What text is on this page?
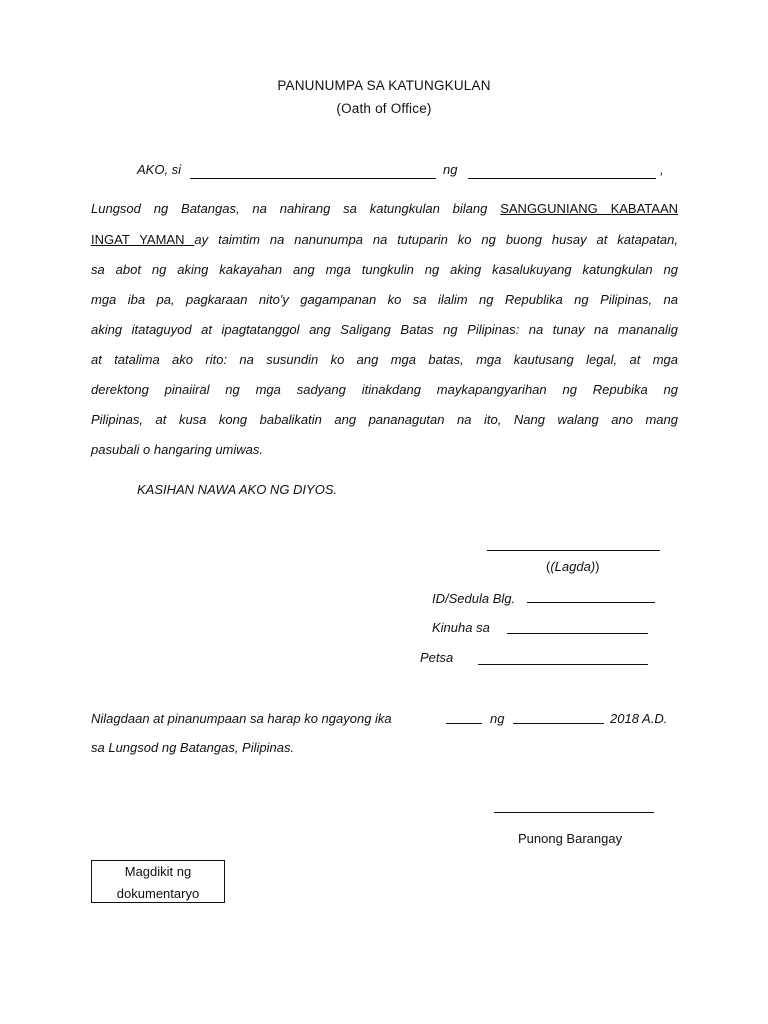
PANUNUMPA SA KATUNGKULAN
(Oath of Office)
AKO, si	ng	,
Lungsod ng Batangas, na nahirang sa katungkulan bilang SANGGUNIANG KABATAAN
INGAT YAMAN ay taimtim na nanunumpa na tutuparin ko ng buong husay at katapatan,
sa abot ng aking kakayahan ang mga tungkulin ng aking kasalukuyang katungkulan ng
mga iba pa, pagkaraan nito'y gagampanan ko sa ilalim ng Republika ng Pilipinas, na
aking itataguyod at ipagtatanggol ang Saligang Batas ng Pilipinas: na tunay na mananalig
at tatalima ako rito: na susundin ko ang mga batas, mga kautusang legal, at mga
derektong pinaiiral ng mga sadyang itinakdang maykapangyarihan ng Repubika ng
Pilipinas, at kusa kong babalikatin ang pananagutan na ito, Nang walang ano mang
pasubali o hangaring umiwas.
KASIHAN NAWA AKO NG DIYOS.
((Lagda))
ID/Sedula Blg.
Kinuha sa
Petsa
Nilagdaan at pinanumpaan sa harap ko ngayong ika	ng	2018 A.D.
sa Lungsod ng Batangas, Pilipinas.
Punong Barangay
Magdikit ng
dokumentaryo
